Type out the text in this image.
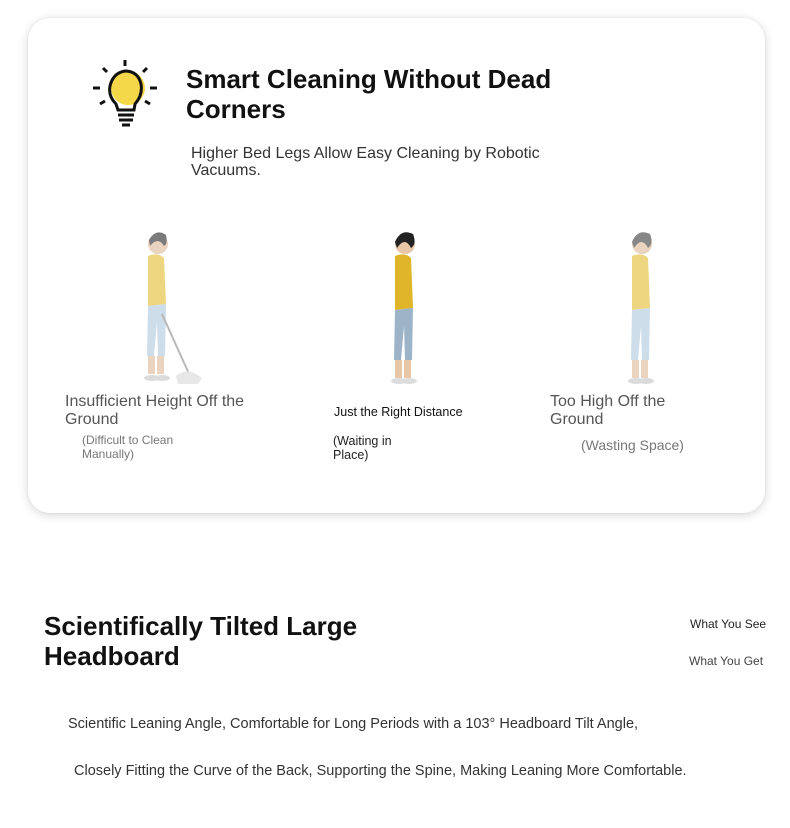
Smart Cleaning Without Dead Corners
Higher Bed Legs Allow Easy Cleaning by Robotic Vacuums.
Insufficient Height Off the Ground
(Difficult to Clean Manually)
Just the Right Distance
(Waiting in Place)
Too High Off the Ground
(Wasting Space)
Scientifically Tilted Large Headboard
What You See
What You Get
Scientific Leaning Angle, Comfortable for Long Periods with a 103° Headboard Tilt Angle,
Closely Fitting the Curve of the Back, Supporting the Spine, Making Leaning More Comfortable.
